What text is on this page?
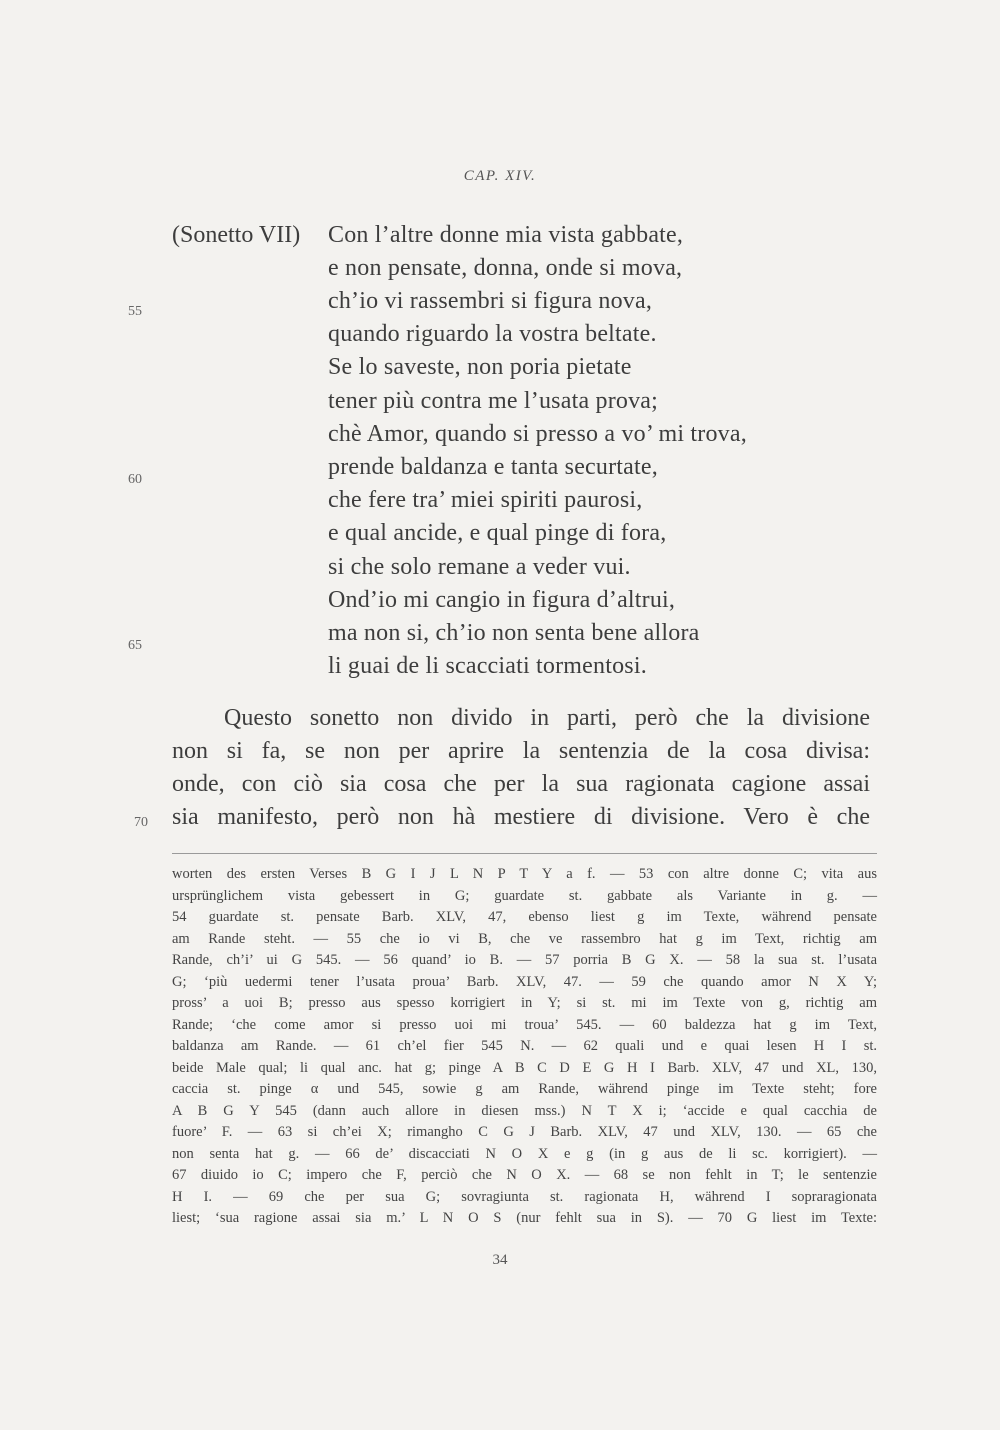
CAP. XIV.
(Sonetto VII) Con l’altre donne mia vista gabbate,
e non pensate, donna, onde si mova,
ch’io vi rassembri si figura nova,
quando riguardo la vostra beltate.
Se lo saveste, non poria pietate
tener più contra me l’usata prova;
chè Amor, quando si presso a vo’ mi trova,
prende baldanza e tanta securtate,
che fere tra’ miei spiriti paurosi,
e qual ancide, e qual pinge di fora,
si che solo remane a veder vui.
Ond’io mi cangio in figura d’altrui,
ma non si, ch’io non senta bene allora
li guai de li scacciati tormentosi.
55
60
65
Questo sonetto non divido in parti, però che la divisione
non si fa, se non per aprire la sentenzia de la cosa divisa:
onde, con ciò sia cosa che per la sua ragionata cagione assai
sia manifesto, però non hà mestiere di divisione. Vero è che
70
worten des ersten Verses B G I J L N P T Y a f. — 53 con altre donne C; vita aus
ursprünglichem vista gebessert in G; guardate st. gabbate als Variante in g. —
54 guardate st. pensate Barb. XLV, 47, ebenso liest g im Texte, während pensate
am Rande steht. — 55 che io vi B, che ve rassembro hat g im Text, richtig am
Rande, ch’i’ ui G 545. — 56 quand’ io B. — 57 porria B G X. — 58 la sua st. l’usata
G; ‘più uedermi tener l’usata proua’ Barb. XLV, 47. — 59 che quando amor N X Y;
pross’ a uoi B; presso aus spesso korrigiert in Y; si st. mi im Texte von g, richtig am
Rande; ‘che come amor si presso uoi mi troua’ 545. — 60 baldezza hat g im Text,
baldanza am Rande. — 61 ch’el fier 545 N. — 62 quali und e quai lesen H I st.
beide Male qual; li qual anc. hat g; pinge A B C D E G H I Barb. XLV, 47 und XL, 130,
caccia st. pinge α und 545, sowie g am Rande, während pinge im Texte steht; fore
A B G Y 545 (dann auch allore in diesen mss.) N T X i; ‘accide e qual cacchia de
fuore’ F. — 63 si ch’ei X; rimangho C G J Barb. XLV, 47 und XLV, 130. — 65 che
non senta hat g. — 66 de’ discacciati N O X e g (in g aus de li sc. korrigiert). —
67 diuido io C; impero che F, perciò che N O X. — 68 se non fehlt in T; le sentenzie
H I. — 69 che per sua G; sovragiunta st. ragionata H, während I sopraragionata
liest; ‘sua ragione assai sia m.’ L N O S (nur fehlt sua in S). — 70 G liest im Texte:
34
